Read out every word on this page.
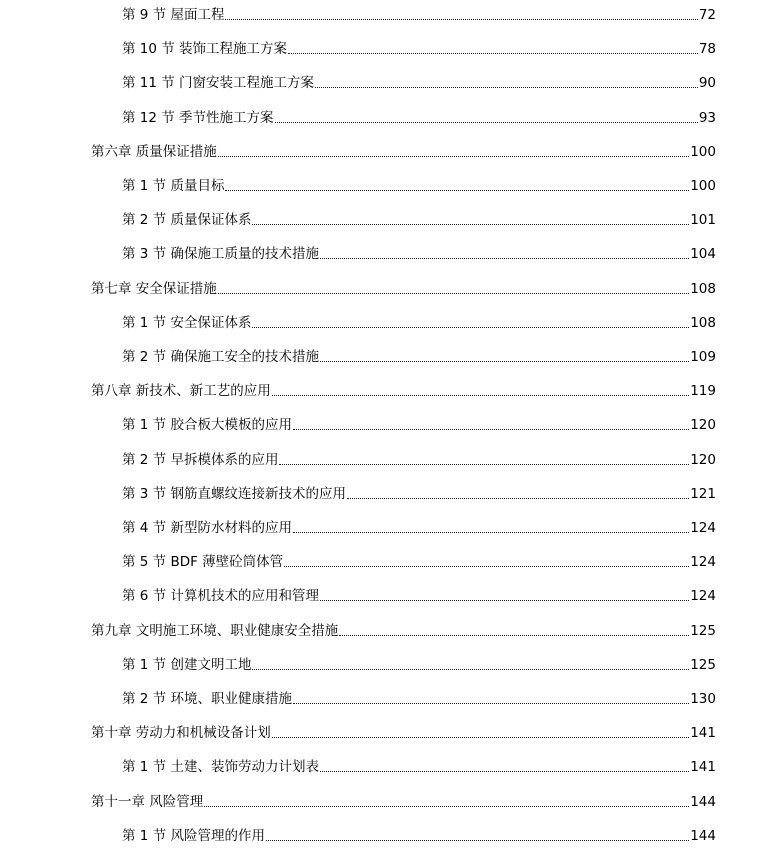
第 9 节 屋面工程	72
第 10 节 装饰工程施工方案	78
第 11 节 门窗安装工程施工方案	90
第 12 节 季节性施工方案	93
第六章 质量保证措施	100
第 1 节 质量目标	100
第 2 节 质量保证体系	101
第 3 节 确保施工质量的技术措施	104
第七章 安全保证措施	108
第 1 节 安全保证体系	108
第 2 节 确保施工安全的技术措施	109
第八章 新技术、新工艺的应用	119
第 1 节 胶合板大模板的应用	120
第 2 节 早拆模体系的应用	120
第 3 节 钢筋直螺纹连接新技术的应用	121
第 4 节 新型防水材料的应用	124
第 5 节 BDF 薄壁砼筒体管	124
第 6 节 计算机技术的应用和管理	124
第九章 文明施工环境、职业健康安全措施	125
第 1 节 创建文明工地	125
第 2 节 环境、职业健康措施	130
第十章 劳动力和机械设备计划	141
第 1 节 土建、装饰劳动力计划表	141
第十一章 风险管理	144
第 1 节 风险管理的作用	144
